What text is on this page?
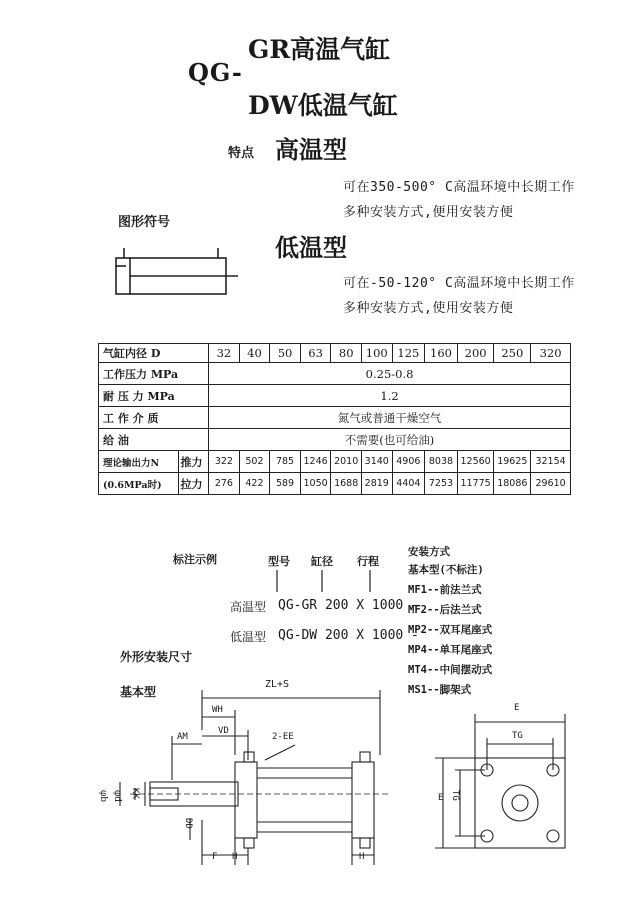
QG-
GR高温气缸
DW低温气缸
特点 高温型
可在350-500° C高温环境中长期工作
多种安装方式,便用安装方便
低温型
可在-50-120° C高温环境中长期工作
多种安装方式,使用安装方便
图形符号
气缸内径 D		32	40	50	63	80	100	125	160	200	250	320
工作压力 MPa		0.25-0.8										
耐 压 力 MPa		1.2										
工 作 介 质		氮气或普通干燥空气										
给 油		不需要(也可给油)										
理论输出力N	推力	322	502	785	1246	2010	3140	4906	8038	12560	19625	32154
(0.6MPa时)	拉力	276	422	589	1050	1688	2819	4404	7253	11775	18086	29610
标注示例	型号 缸径 行程
高温型 QG-GR 200 X 1000 -
低温型 QG-DW 200 X 1000 -
安装方式
基本型(不标注)
MF1--前法兰式
MF2--后法兰式
MP2--双耳尾座式
MP4--单耳尾座式
MT4--中间摆动式
MS1--脚架式
外形安装尺寸
基本型
ZL+S
WH
VD
AM	2-EE
φb φd KK
DD
F H	H
E
TG
E TG
